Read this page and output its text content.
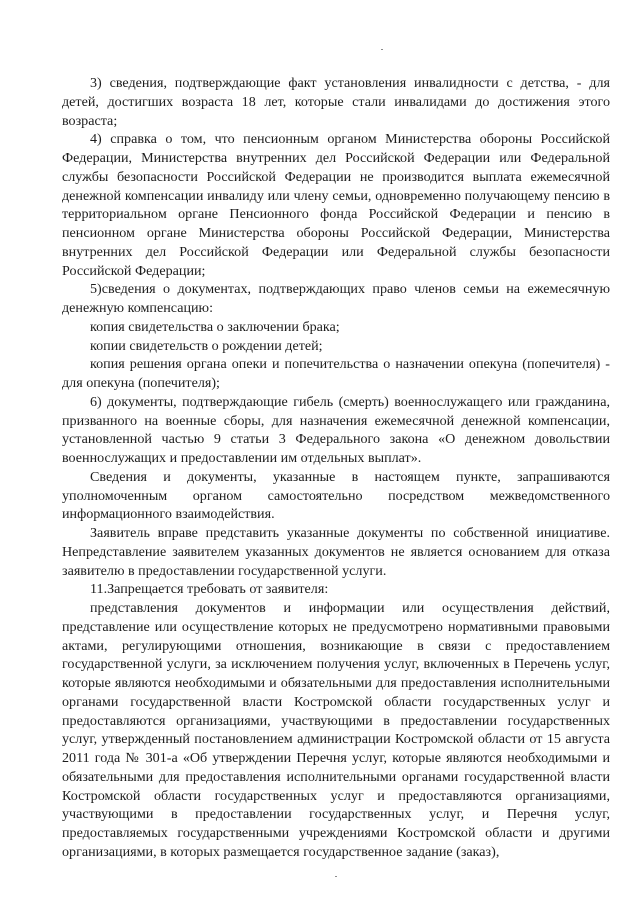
3) сведения, подтверждающие факт установления инвалидности с детства, - для детей, достигших возраста 18 лет, которые стали инвалидами до достижения этого возраста;

4) справка о том, что пенсионным органом Министерства обороны Российской Федерации, Министерства внутренних дел Российской Федерации или Федеральной службы безопасности Российской Федерации не производится выплата ежемесячной денежной компенсации инвалиду или члену семьи, одновременно получающему пенсию в территориальном органе Пенсионного фонда Российской Федерации и пенсию в пенсионном органе Министерства обороны Российской Федерации, Министерства внутренних дел Российской Федерации или Федеральной службы безопасности Российской Федерации;

5)сведения о документах, подтверждающих право членов семьи на ежемесячную денежную компенсацию:

копия свидетельства о заключении брака;

копии свидетельств о рождении детей;

копия решения органа опеки и попечительства о назначении опекуна (попечителя) - для опекуна (попечителя);

6) документы, подтверждающие гибель (смерть) военнослужащего или гражданина, призванного на военные сборы, для назначения ежемесячной денежной компенсации, установленной частью 9 статьи 3 Федерального закона «О денежном довольствии военнослужащих и предоставлении им отдельных выплат».

Сведения и документы, указанные в настоящем пункте, запрашиваются уполномоченным органом самостоятельно посредством межведомственного информационного взаимодействия.

Заявитель вправе представить указанные документы по собственной инициативе. Непредставление заявителем указанных документов не является основанием для отказа заявителю в предоставлении государственной услуги.

11.Запрещается требовать от заявителя:

представления документов и информации или осуществления действий, представление или осуществление которых не предусмотрено нормативными правовыми актами, регулирующими отношения, возникающие в связи с предоставлением государственной услуги, за исключением получения услуг, включенных в Перечень услуг, которые являются необходимыми и обязательными для предоставления исполнительными органами государственной власти Костромской области государственных услуг и предоставляются организациями, участвующими в предоставлении государственных услуг, утвержденный постановлением администрации Костромской области от 15 августа 2011 года № 301-а «Об утверждении Перечня услуг, которые являются необходимыми и обязательными для предоставления исполнительными органами государственной власти Костромской области государственных услуг и предоставляются организациями, участвующими в предоставлении государственных услуг, и Перечня услуг, предоставляемых государственными учреждениями Костромской области и другими организациями, в которых размещается государственное задание (заказ),
